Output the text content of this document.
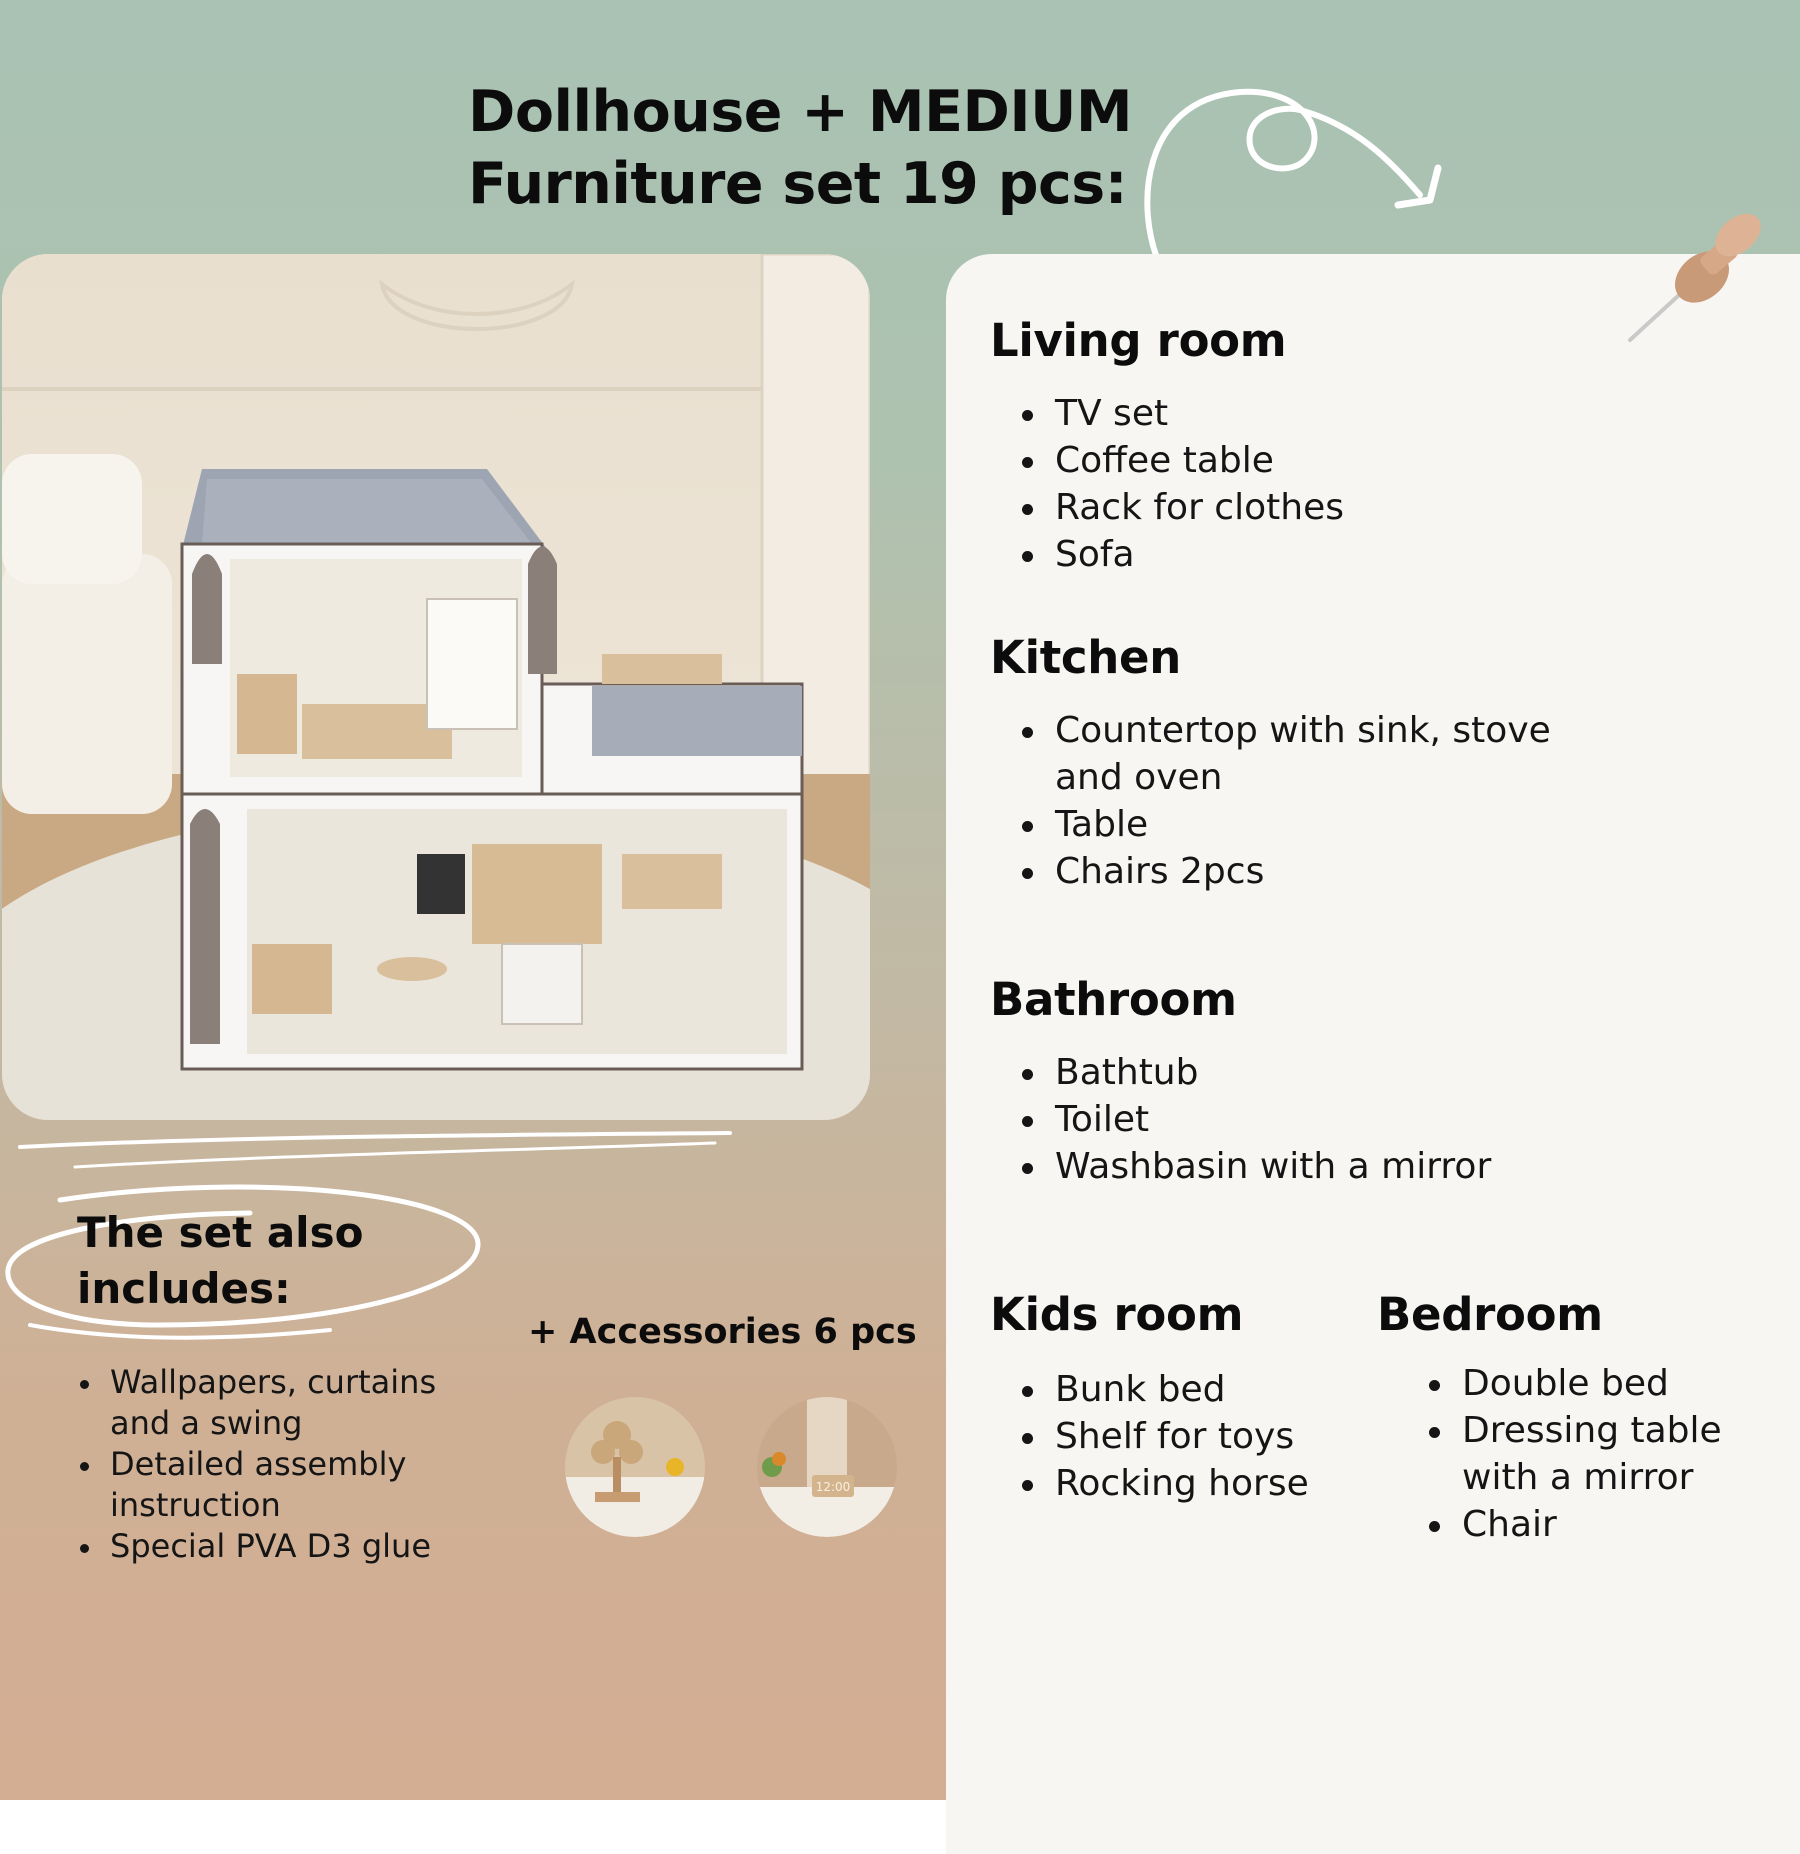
Dollhouse + MEDIUM
Furniture set 19 pcs:
The set also
includes:
Wallpapers, curtains
and a swing
Detailed assembly
instruction
Special PVA D3 glue
+ Accessories 6 pcs
12:00
Living room
TV set
Coffee table
Rack for clothes
Sofa
Kitchen
Countertop with sink, stove
and oven
Table
Chairs 2pcs
Bathroom
Bathtub
Toilet
Washbasin with a mirror
Kids room
Bunk bed
Shelf for toys
Rocking horse
Bedroom
Double bed
Dressing table
with a mirror
Chair
